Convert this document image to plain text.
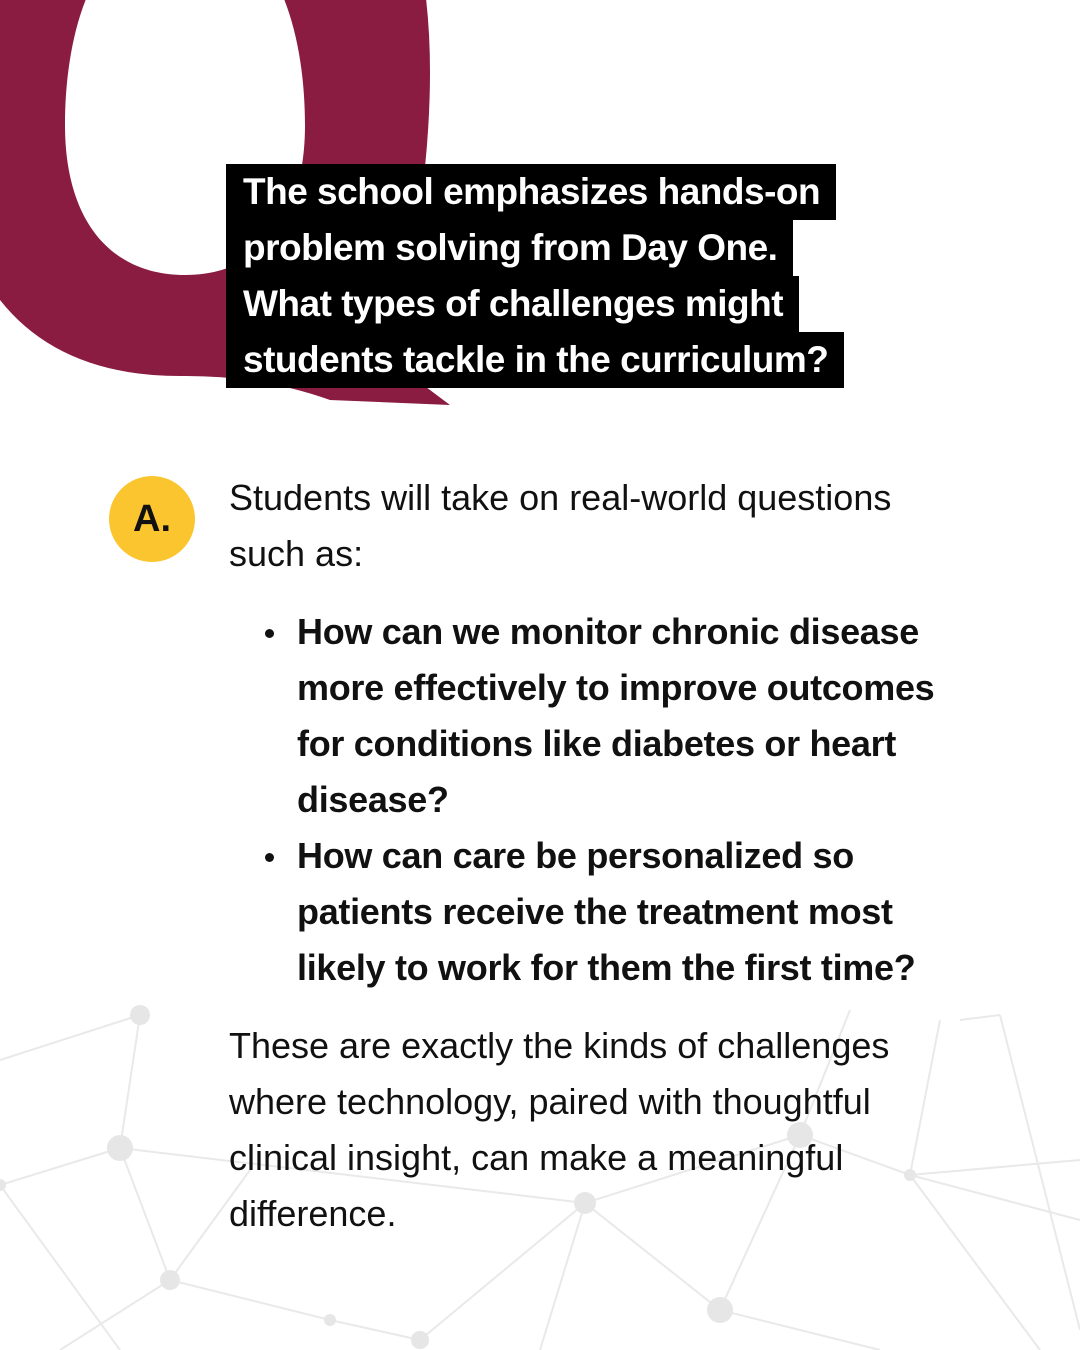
The school emphasizes hands-on
problem solving from Day One.
What types of challenges might
students tackle in the curriculum?
A.	Students will take on real-world questions such as:

How can we monitor chronic disease more effectively to improve outcomes for conditions like diabetes or heart disease?
How can care be personalized so patients receive the treatment most likely to work for them the first time?

These are exactly the kinds of challenges where technology, paired with thoughtful clinical insight, can make a meaningful difference.
